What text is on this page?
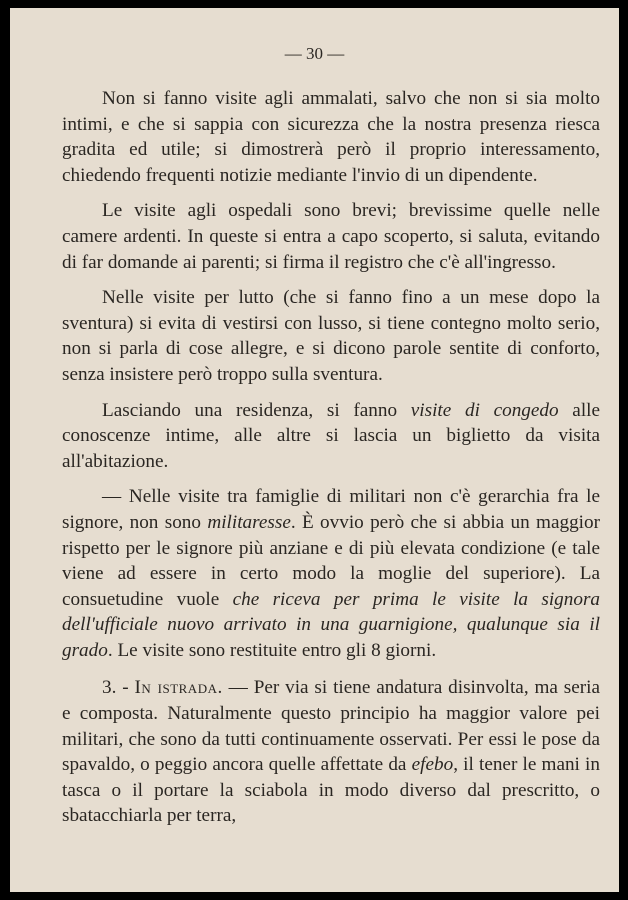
— 30 —

Non si fanno visite agli ammalati, salvo che non si sia molto intimi, e che si sappia con sicurezza che la nostra presenza riesca gradita ed utile; si dimostrerà però il proprio interessamento, chiedendo frequenti notizie mediante l'invio di un dipendente.

Le visite agli ospedali sono brevi; brevissime quelle nelle camere ardenti. In queste si entra a capo scoperto, si saluta, evitando di far domande ai parenti; si firma il registro che c'è all'ingresso.

Nelle visite per lutto (che si fanno fino a un mese dopo la sventura) si evita di vestirsi con lusso, si tiene contegno molto serio, non si parla di cose allegre, e si dicono parole sentite di conforto, senza insistere però troppo sulla sventura.

Lasciando una residenza, si fanno visite di congedo alle conoscenze intime, alle altre si lascia un biglietto da visita all'abitazione.

— Nelle visite tra famiglie di militari non c'è gerarchia fra le signore, non sono militaresse. È ovvio però che si abbia un maggior rispetto per le signore più anziane e di più elevata condizione (e tale viene ad essere in certo modo la moglie del superiore). La consuetudine vuole che riceva per prima le visite la signora dell'ufficiale nuovo arrivato in una guarnigione, qualunque sia il grado. Le visite sono restituite entro gli 8 giorni.

3. - In istrada. — Per via si tiene andatura disinvolta, ma seria e composta. Naturalmente questo principio ha maggior valore pei militari, che sono da tutti continuamente osservati. Per essi le pose da spavaldo, o peggio ancora quelle affettate da efebo, il tener le mani in tasca o il portare la sciabola in modo diverso dal prescritto, o sbatacchiarla per terra,
